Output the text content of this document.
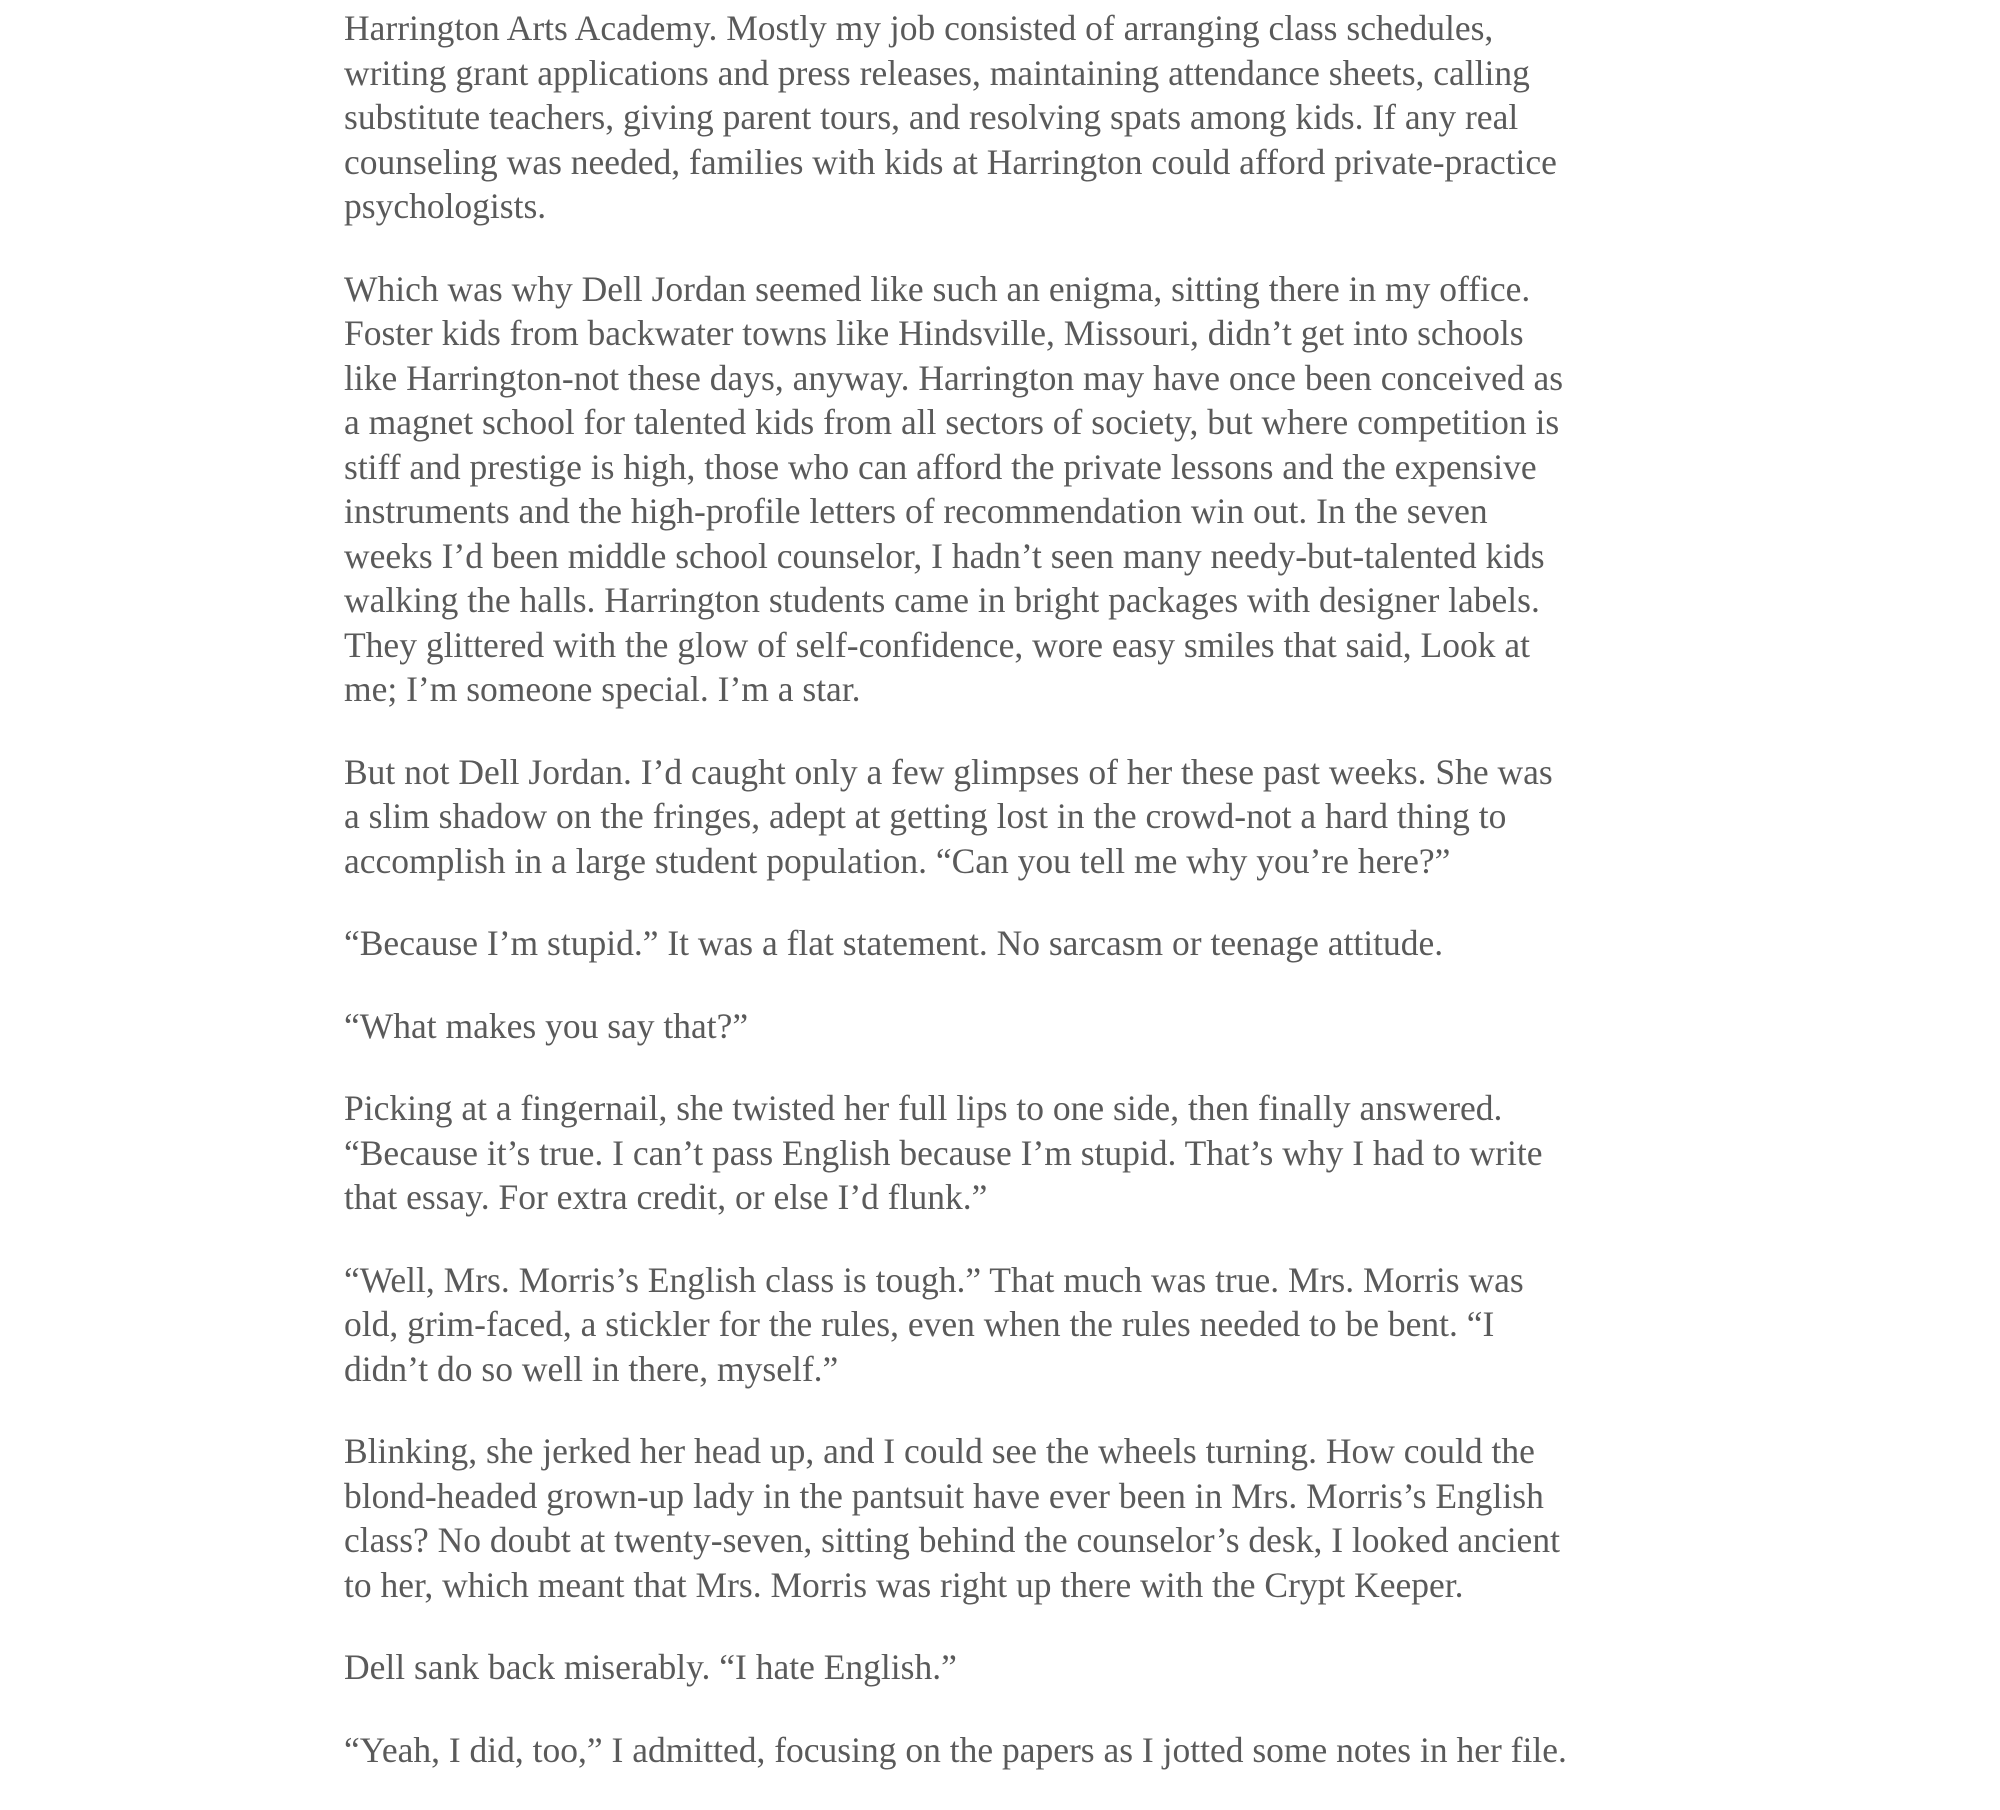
Harrington Arts Academy. Mostly my job consisted of arranging class schedules,
writing grant applications and press releases, maintaining attendance sheets, calling
substitute teachers, giving parent tours, and resolving spats among kids. If any real
counseling was needed, families with kids at Harrington could afford private-practice
psychologists.

Which was why Dell Jordan seemed like such an enigma, sitting there in my office.
Foster kids from backwater towns like Hindsville, Missouri, didn’t get into schools
like Harrington-not these days, anyway. Harrington may have once been conceived as
a magnet school for talented kids from all sectors of society, but where competition is
stiff and prestige is high, those who can afford the private lessons and the expensive
instruments and the high-profile letters of recommendation win out. In the seven
weeks I’d been middle school counselor, I hadn’t seen many needy-but-talented kids
walking the halls. Harrington students came in bright packages with designer labels.
They glittered with the glow of self-confidence, wore easy smiles that said, Look at
me; I’m someone special. I’m a star.

But not Dell Jordan. I’d caught only a few glimpses of her these past weeks. She was
a slim shadow on the fringes, adept at getting lost in the crowd-not a hard thing to
accomplish in a large student population. “Can you tell me why you’re here?”

“Because I’m stupid.” It was a flat statement. No sarcasm or teenage attitude.

“What makes you say that?”

Picking at a fingernail, she twisted her full lips to one side, then finally answered.
“Because it’s true. I can’t pass English because I’m stupid. That’s why I had to write
that essay. For extra credit, or else I’d flunk.”

“Well, Mrs. Morris’s English class is tough.” That much was true. Mrs. Morris was
old, grim-faced, a stickler for the rules, even when the rules needed to be bent. “I
didn’t do so well in there, myself.”

Blinking, she jerked her head up, and I could see the wheels turning. How could the
blond-headed grown-up lady in the pantsuit have ever been in Mrs. Morris’s English
class? No doubt at twenty-seven, sitting behind the counselor’s desk, I looked ancient
to her, which meant that Mrs. Morris was right up there with the Crypt Keeper.

Dell sank back miserably. “I hate English.”

“Yeah, I did, too,” I admitted, focusing on the papers as I jotted some notes in her file.
